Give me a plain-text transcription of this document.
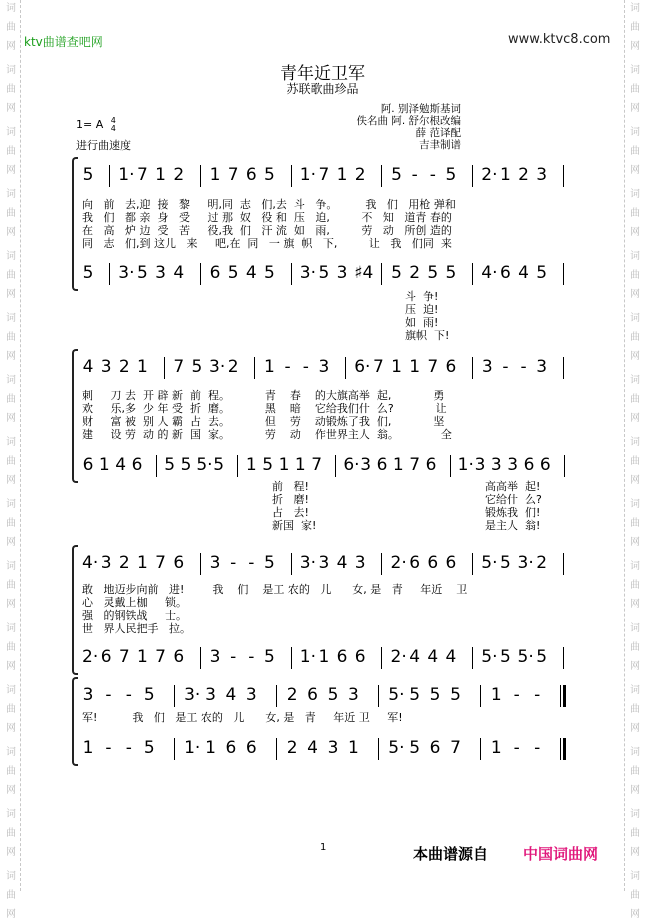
词
曲
网
词
曲
网
词
曲
网
词
曲
网
词
曲
网
词
曲
网
词
曲
网
词
曲
网
词
曲
网
词
曲
网
词
曲
网
词
曲
网
词
曲
网
词
曲
网
词
曲
网
词
曲
网
词
曲
网
词
曲
网
词
曲
网
词
曲
网
词
曲
网
词
曲
网
词
曲
网
词
曲
网
词
曲
网
词
曲
网
词
曲
网
词
曲
网
词
曲
网
词
曲
网
ktv曲谱查吧网	www.ktvc8.com
青年近卫军
苏联歌曲珍品
阿. 别泽勉斯基词
佚名曲 阿. 舒尔根改编
薛 范译配
吉聿制谱
1= A 4
4
进行曲速度
5 1· 7 1 2 1 7 6 5 1· 7 1 2 5 - - 5 2· 1 2 3
向   前   去,迎  接   黎     明,同  志   们,去  斗   争。        我   们   用枪 弹和
我   们   都 亲  身   受     过 那  奴   役 和  压   迫,         不   知   道青 春的
在   高   炉 边  受   苦     役,我  们   汗 流  如   雨,         劳   动   所创 造的
同   志   们,到 这儿   来     吧,在  同   一 旗  帜   下,         让   我   们同  来
5 3· 5 3 4 6 5 4 5 3· 5 3 ♯4 5 2 5 5 4· 6 4 5
4 3 2 1 7 5 3· 2 1 - - 3 6· 7 1 1 7 6 3 - - 3
刺     刀 去  开 辟 新  前  程。          青    春    的大旗高举  起,            勇
欢     乐,多  少 年 受  折  磨。          黑    暗    它给我们什  么?            让
财     富 被  别 人 霸  占  去。          但    劳    动锻炼了我  们,            坚
建     设 劳  动 的 新  国  家。          劳    动    作世界主人  翁。            全
6 1 4 6 5 5 5· 5 1 5 1 1 7 6· 3 6 1 7 6 1· 3 3 3 6 6
4· 3 2 1 7 6 3 - - 5 3· 3 4 3 2· 6 6 6 5· 5 3· 2
敢   地迈步向前   进!        我    们    是工 农的   儿      女, 是   青     年近    卫
心   灵戴上枷     锁。
强   的钢铁战     士。
世   界人民把手   拉。
2· 6 7 1 7 6 3 - - 5 1· 1 6 6 2· 4 4 4 5· 5 5· 5
3 - - 5 3· 3 4 3 2 6 5 3 5· 5 5 5 1 - -
军!          我   们   是工 农的   儿      女, 是   青     年近 卫     军!
1 - - 5 1· 1 6 6 2 4 3 1 5· 5 6 7 1 - -
1	本曲谱源自 中国词曲网
斗  争!
压  迫!
如  雨!
旗帜  下!
前   程!
折   磨!
占   去!
新国  家!
高高举  起!
它给什  么?
锻炼我  们!
是主人  翁!
